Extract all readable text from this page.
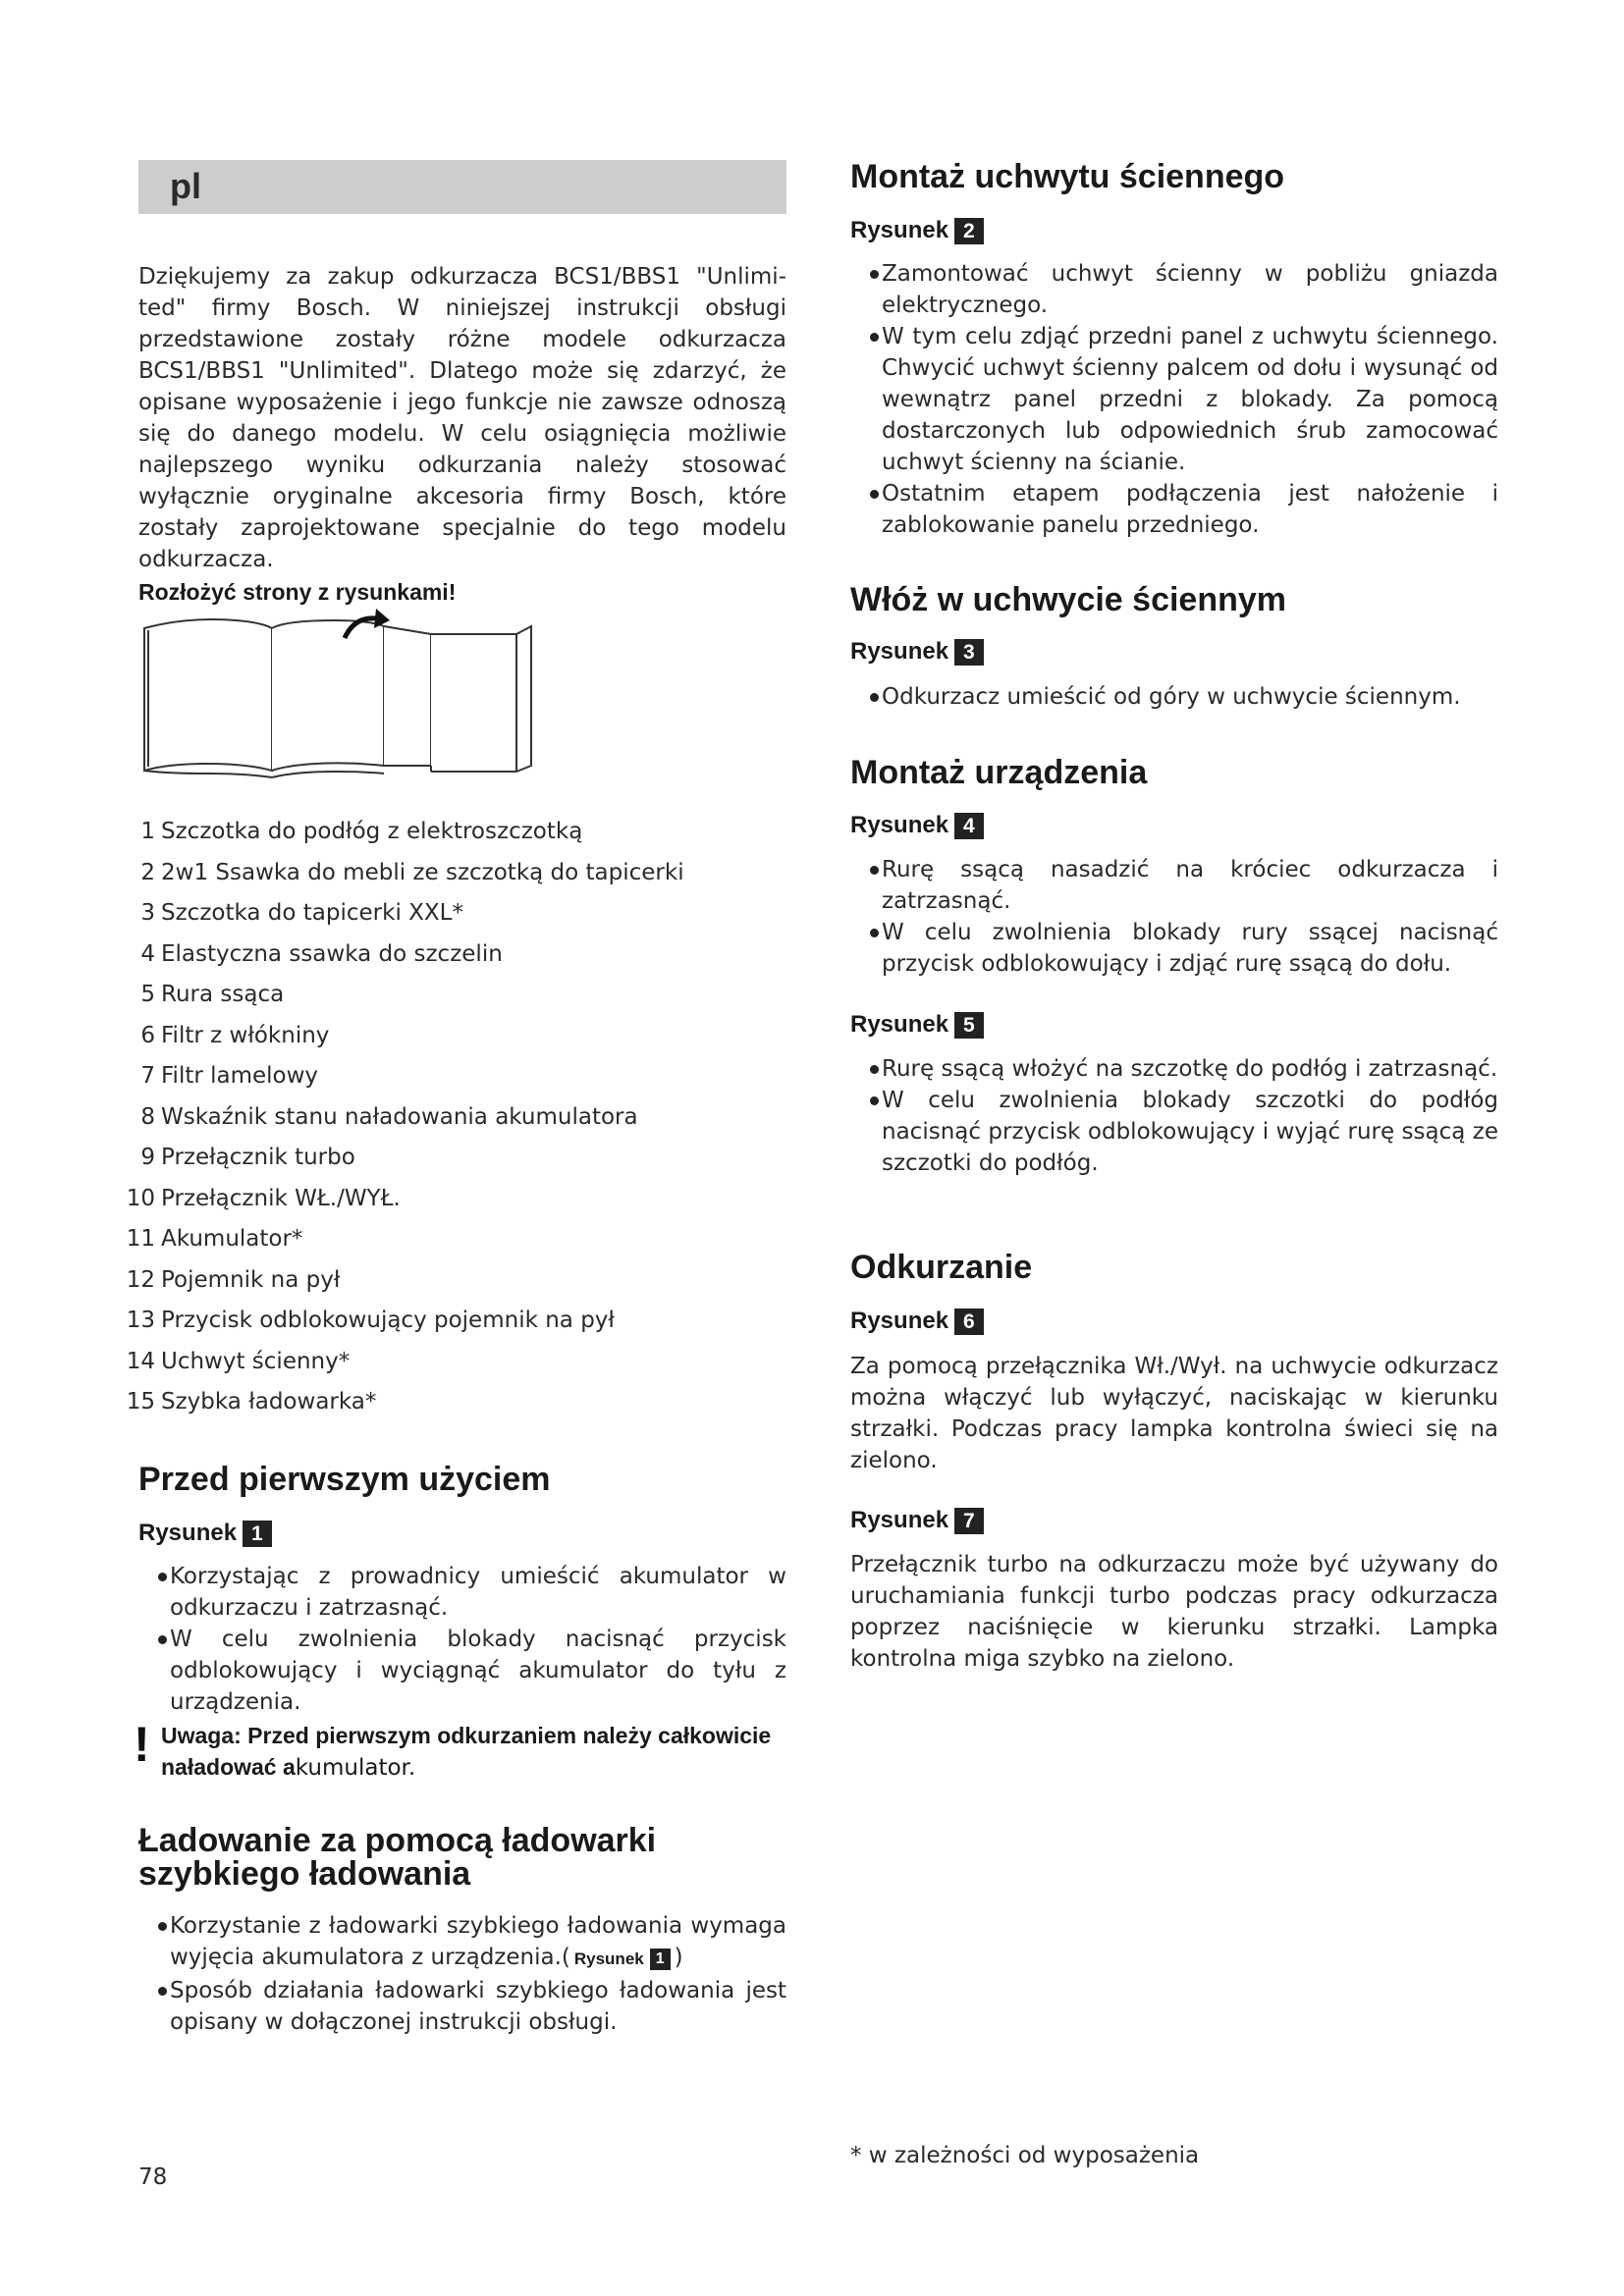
pl

Dziękujemy za zakup odkurzacza BCS1/BBS1 "Unlimi-ted" firmy Bosch. W niniejszej instrukcji obsługi przedstawione zostały różne modele odkurzacza BCS1/BBS1 "Unlimited". Dlatego może się zdarzyć, że opisane wyposażenie i jego funkcje nie zawsze odnoszą się do danego modelu. W celu osiągnięcia możliwie najlepszego wyniku odkurzania należy stosować wyłącznie oryginalne akcesoria firmy Bosch, które zostały zaprojektowane specjalnie do tego modelu odkurzacza.

Rozłożyć strony z rysunkami!
1 Szczotka do podłóg z elektroszczotką
2 2w1 Ssawka do mebli ze szczotką do tapicerki
3 Szczotka do tapicerki XXL*
4 Elastyczna ssawka do szczelin
5 Rura ssąca
6 Filtr z włókniny
7 Filtr lamelowy
8 Wskaźnik stanu naładowania akumulatora
9 Przełącznik turbo
10 Przełącznik WŁ./WYŁ.
11 Akumulator*
12 Pojemnik na pył
13 Przycisk odblokowujący pojemnik na pył
14 Uchwyt ścienny*
15 Szybka ładowarka*
Przed pierwszym użyciem
Rysunek 1
Korzystając z prowadnicy umieścić akumulator w odkurzaczu i zatrzasnąć.
W celu zwolnienia blokady nacisnąć przycisk odblokowujący i wyciągnąć akumulator do tyłu z urządzenia.
! Uwaga: Przed pierwszym odkurzaniem należy całkowicie naładować akumulator.
Ładowanie za pomocą ładowarki szybkiego ładowania
Korzystanie z ładowarki szybkiego ładowania wymaga wyjęcia akumulatora z urządzenia.( Rysunek 1 )
Sposób działania ładowarki szybkiego ładowania jest opisany w dołączonej instrukcji obsługi.
78
Montaż uchwytu ściennego
Rysunek 2
Zamontować uchwyt ścienny w pobliżu gniazda elektrycznego.
W tym celu zdjąć przedni panel z uchwytu ściennego. Chwycić uchwyt ścienny palcem od dołu i wysunąć od wewnątrz panel przedni z blokady. Za pomocą dostarczonych lub odpowiednich śrub zamocować uchwyt ścienny na ścianie.
Ostatnim etapem podłączenia jest nałożenie i zablokowanie panelu przedniego.
Włóż w uchwycie ściennym
Rysunek 3
Odkurzacz umieścić od góry w uchwycie ściennym.
Montaż urządzenia
Rysunek 4
Rurę ssącą nasadzić na króciec odkurzacza i zatrzasnąć.
W celu zwolnienia blokady rury ssącej nacisnąć przycisk odblokowujący i zdjąć rurę ssącą do dołu.
Rysunek 5
Rurę ssącą włożyć na szczotkę do podłóg i zatrzasnąć.
W celu zwolnienia blokady szczotki do podłóg nacisnąć przycisk odblokowujący i wyjąć rurę ssącą ze szczotki do podłóg.
Odkurzanie
Rysunek 6

Za pomocą przełącznika Wł./Wył. na uchwycie odkurzacz można włączyć lub wyłączyć, naciskając w kierunku strzałki. Podczas pracy lampka kontrolna świeci się na zielono.

Rysunek 7

Przełącznik turbo na odkurzaczu może być używany do uruchamiania funkcji turbo podczas pracy odkurzacza poprzez naciśnięcie w kierunku strzałki. Lampka kontrolna miga szybko na zielono.

* w zależności od wyposażenia
